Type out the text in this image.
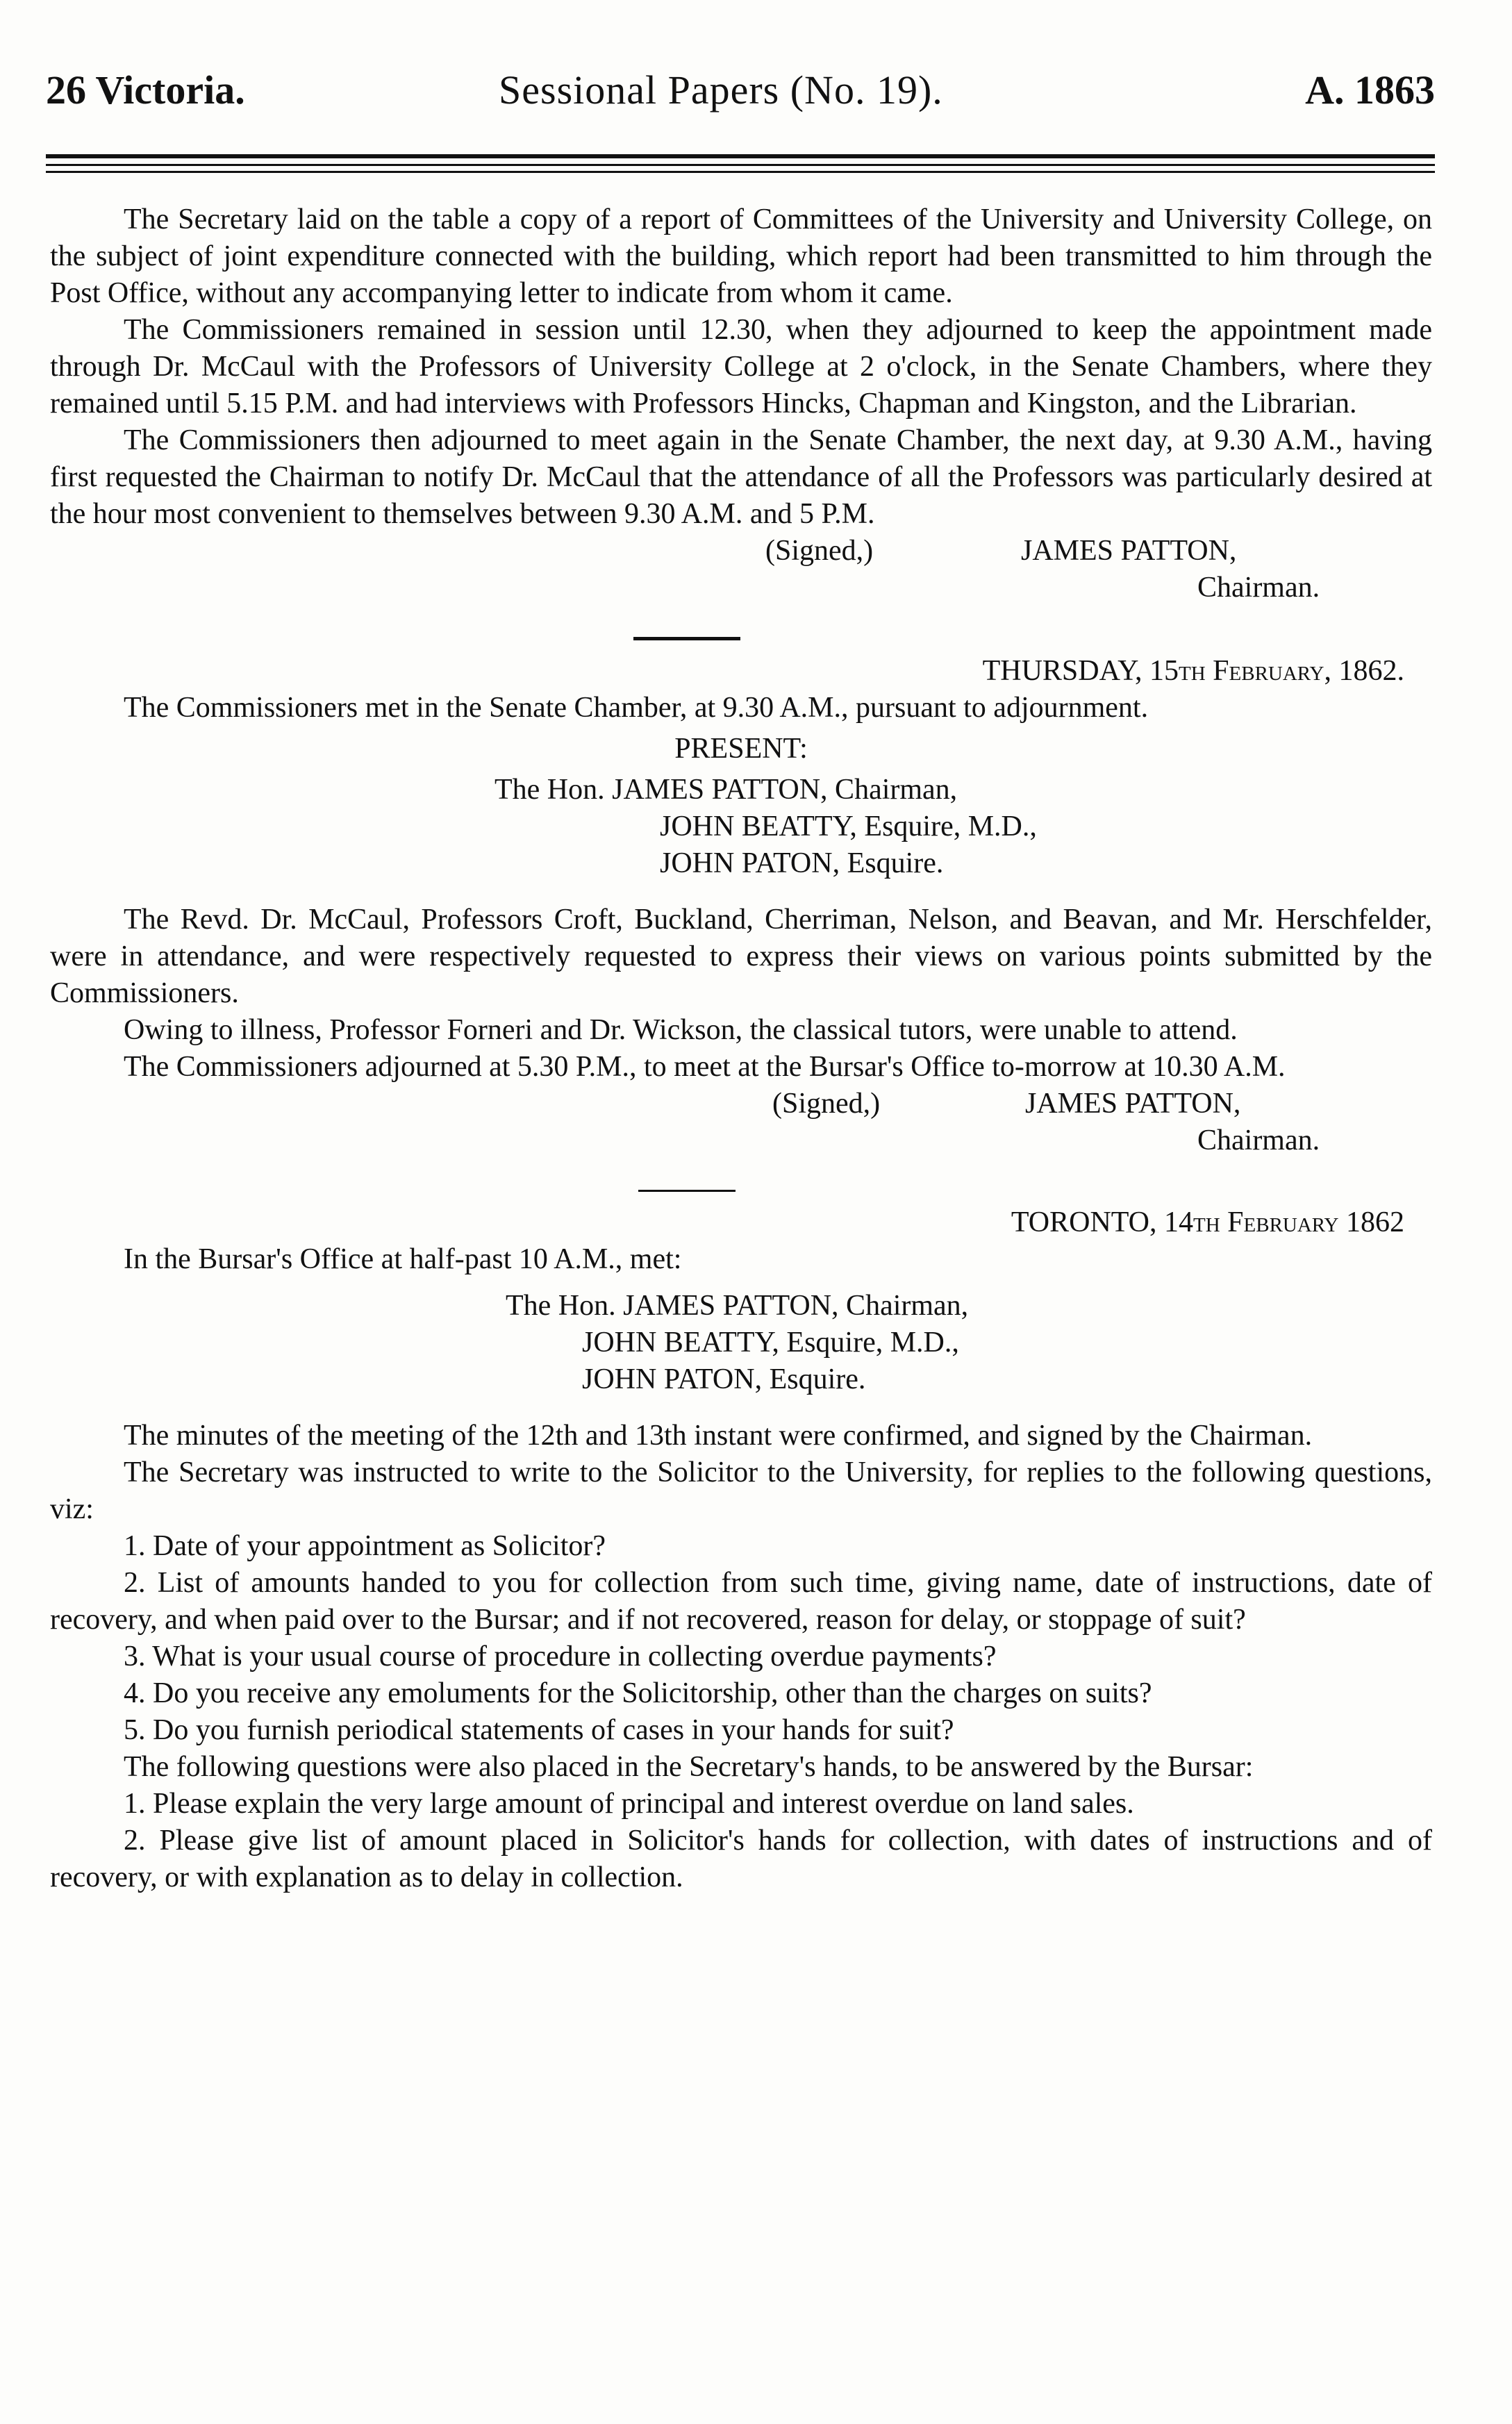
26 Victoria.	Sessional Papers (No. 19).	A. 1863

The Secretary laid on the table a copy of a report of Committees of the University and University College, on the subject of joint expenditure connected with the building, which report had been transmitted to him through the Post Office, without any accompanying letter to indicate from whom it came.

The Commissioners remained in session until 12.30, when they adjourned to keep the appointment made through Dr. McCaul with the Professors of University College at 2 o'clock, in the Senate Chambers, where they remained until 5.15 P.M. and had interviews with Professors Hincks, Chapman and Kingston, and the Librarian.

The Commissioners then adjourned to meet again in the Senate Chamber, the next day, at 9.30 A.M., having first requested the Chairman to notify Dr. McCaul that the attendance of all the Professors was particularly desired at the hour most convenient to themselves between 9.30 A.M. and 5 P.M.

(Signed,)	JAMES PATTON,
Chairman.
THURSDAY, 15th February, 1862.

The Commissioners met in the Senate Chamber, at 9.30 A.M., pursuant to adjournment.

PRESENT:
The Hon. JAMES PATTON, Chairman,
JOHN BEATTY, Esquire, M.D.,
JOHN PATON, Esquire.

The Revd. Dr. McCaul, Professors Croft, Buckland, Cherriman, Nelson, and Beavan, and Mr. Herschfelder, were in attendance, and were respectively requested to express their views on various points submitted by the Commissioners.

Owing to illness, Professor Forneri and Dr. Wickson, the classical tutors, were unable to attend.

The Commissioners adjourned at 5.30 P.M., to meet at the Bursar's Office to-morrow at 10.30 A.M.

(Signed,)	JAMES PATTON,
Chairman.
TORONTO, 14th February 1862
In the Bursar's Office at half-past 10 A.M., met:
The Hon. JAMES PATTON, Chairman,
JOHN BEATTY, Esquire, M.D.,
JOHN PATON, Esquire.

The minutes of the meeting of the 12th and 13th instant were confirmed, and signed by the Chairman.

The Secretary was instructed to write to the Solicitor to the University, for replies to the following questions, viz:

1. Date of your appointment as Solicitor?

2. List of amounts handed to you for collection from such time, giving name, date of instructions, date of recovery, and when paid over to the Bursar; and if not recovered, reason for delay, or stoppage of suit?

3. What is your usual course of procedure in collecting overdue payments?

4. Do you receive any emoluments for the Solicitorship, other than the charges on suits?

5. Do you furnish periodical statements of cases in your hands for suit?

The following questions were also placed in the Secretary's hands, to be answered by the Bursar:

1. Please explain the very large amount of principal and interest overdue on land sales.

2. Please give list of amount placed in Solicitor's hands for collection, with dates of instructions and of recovery, or with explanation as to delay in collection.
